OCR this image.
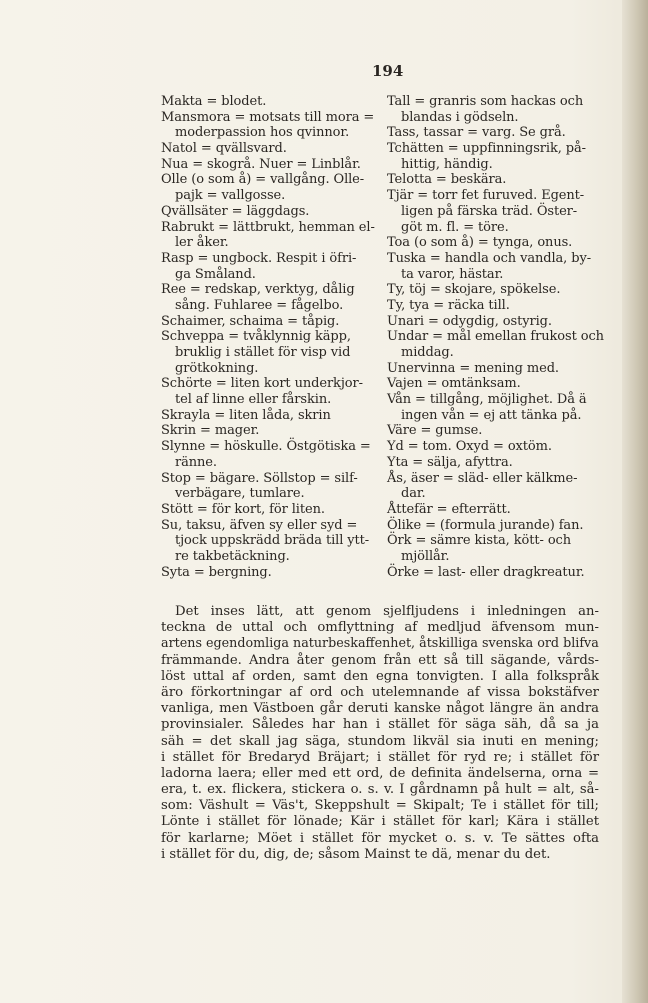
194
Makta = blodet.
Mansmora = motsats till mora =
moderpassion hos qvinnor.
Natol = qvällsvard.
Nua = skogrå. Nuer = Linblår.
Olle (o som å) = vallgång. Olle-
pajk = vallgosse.
Qvällsäter = läggdags.
Rabrukt = lättbrukt, hemman el-
ler åker.
Rasp = ungbock. Respit i öfri-
ga Småland.
Ree = redskap, verktyg, dålig
sång. Fuhlaree = fågelbo.
Schaimer, schaima = tåpig.
Schveppa = tvåklynnig käpp,
bruklig i stället för visp vid
grötkokning.
Schörte = liten kort underkjor-
tel af linne eller fårskin.
Skrayla = liten låda, skrin
Skrin = mager.
Slynne = höskulle. Östgötiska =
ränne.
Stop = bägare. Söllstop = silf-
verbägare, tumlare.
Stött = för kort, för liten.
Su, taksu, äfven sy eller syd =
tjock uppskrädd bräda till ytt-
re takbetäckning.
Syta = bergning.
Tall = granris som hackas och
blandas i gödseln.
Tass, tassar = varg. Se grå.
Tchätten = uppfinningsrik, på-
hittig, händig.
Telotta = beskära.
Tjär = torr fet furuved. Egent-
ligen på färska träd. Öster-
göt m. fl. = töre.
Toa (o som å) = tynga, onus.
Tuska = handla och vandla, by-
ta varor, hästar.
Ty, töj = skojare, spökelse.
Ty, tya = räcka till.
Unari = odygdig, ostyrig.
Undar = mål emellan frukost och
middag.
Unervinna = mening med.
Vajen = omtänksam.
Vån = tillgång, möjlighet. Då ä
ingen vån = ej att tänka på.
Väre = gumse.
Yd = tom. Oxyd = oxtöm.
Yta = sälja, afyttra.
Ås, äser = släd- eller kälkme-
dar.
Åttefär = efterrätt.
Ölike = (formula jurande) fan.
Örk = sämre kista, kött- och
mjöllår.
Örke = last- eller dragkreatur.
Det inses lätt, att genom sjelfljudens i inledningen an-
teckna de uttal och omflyttning af medljud äfvensom mun-
artens egendomliga naturbeskaffenhet, åtskilliga svenska ord blifva
främmande. Andra åter genom från ett så till sägande, vårds-
löst uttal af orden, samt den egna tonvigten. I alla folkspråk
äro förkortningar af ord och utelemnande af vissa bokstäfver
vanliga, men Västboen går deruti kanske något längre än andra
provinsialer. Således har han i stället för säga säh, då sa ja
säh = det skall jag säga, stundom likväl sia inuti en mening;
i stället för Bredaryd Bräjart; i stället för ryd re; i stället för
ladorna laera; eller med ett ord, de definita ändelserna, orna =
era, t. ex. flickera, stickera o. s. v. I gårdnamn på hult = alt, så-
som: Väshult = Väs't, Skeppshult = Skipalt; Te i stället för till;
Lönte i stället för lönade; Kär i stället för karl; Kära i stället
för karlarne; Möet i stället för mycket o. s. v. Te sättes ofta
i stället för du, dig, de; såsom Mainst te dä, menar du det.
